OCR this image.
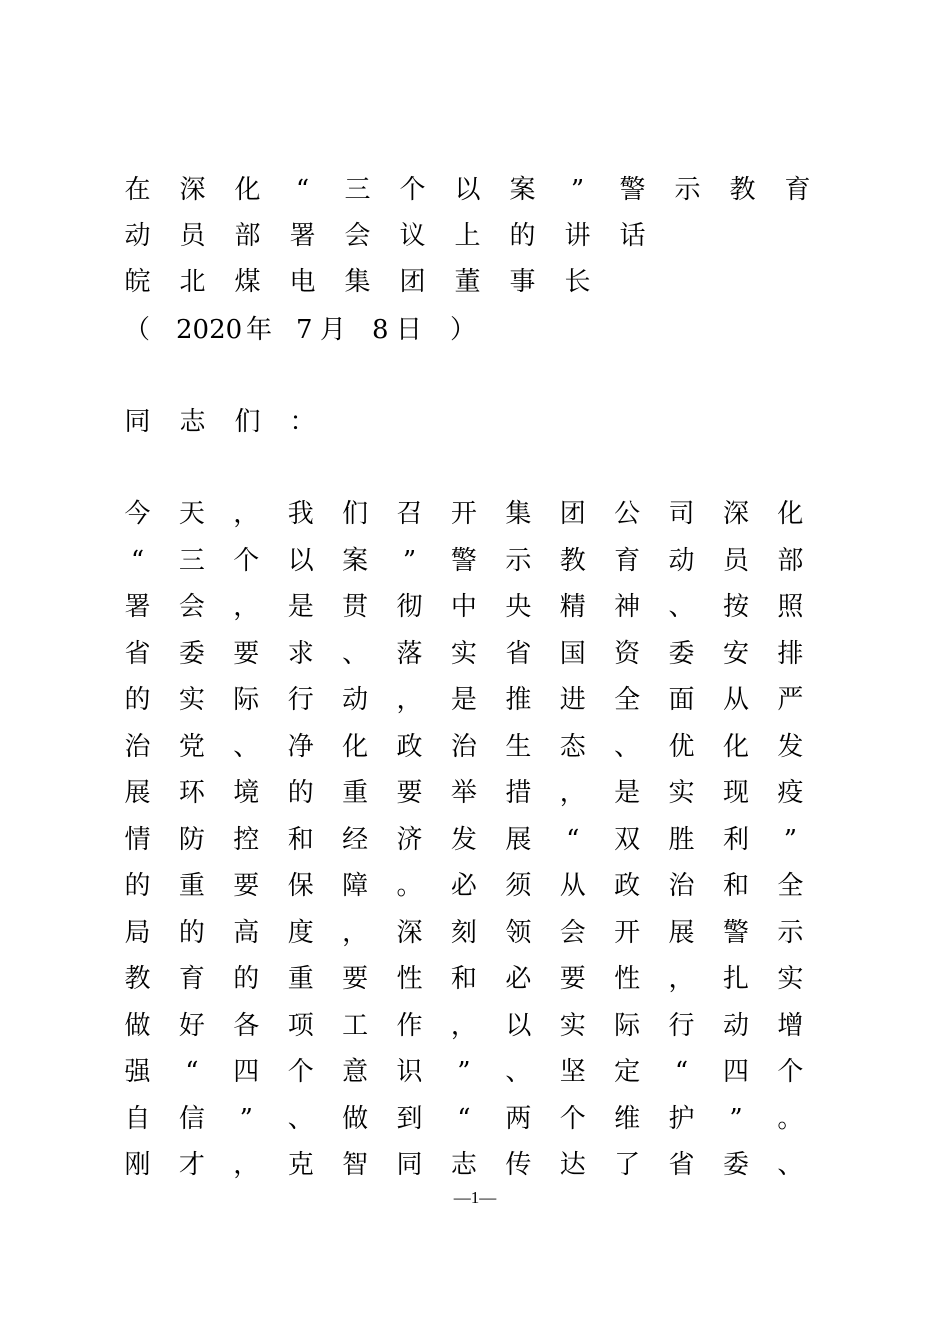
在 深 化 “ 三 个 以 案 ” 警 示 教 育
动 员 部 署 会 议 上 的 讲 话
皖 北 煤 电 集 团 董 事 长
（ 2020 年 7 月 8 日	）
同 志 们 ：
今 天 ， 我 们 召 开 集 团 公 司 深 化
“ 三 个 以 案 ” 警 示 教 育 动 员 部
署 会 ， 是 贯 彻 中 央 精 神 、 按 照
省 委 要 求 、 落 实 省 国 资 委 安 排
的 实 际 行 动 ， 是 推 进 全 面 从 严
治 党 、 净 化 政 治 生 态 、 优 化 发
展 环 境 的 重 要 举 措 ， 是 实 现 疫
情 防 控 和 经 济 发 展 “ 双 胜 利 ”
的 重 要 保 障 。 必 须 从 政 治 和 全
局 的 高 度 ， 深 刻 领 会 开 展 警 示
教 育 的 重 要 性 和 必 要 性 ， 扎 实
做 好 各 项 工 作 ， 以 实 际 行 动 增
强 “ 四 个 意 识 ” 、 坚 定 “ 四 个
自 信 ” 、 做 到 “ 两 个 维 护 ” 。
刚 才 ， 克 智 同 志 传 达 了 省 委 、
—1—
